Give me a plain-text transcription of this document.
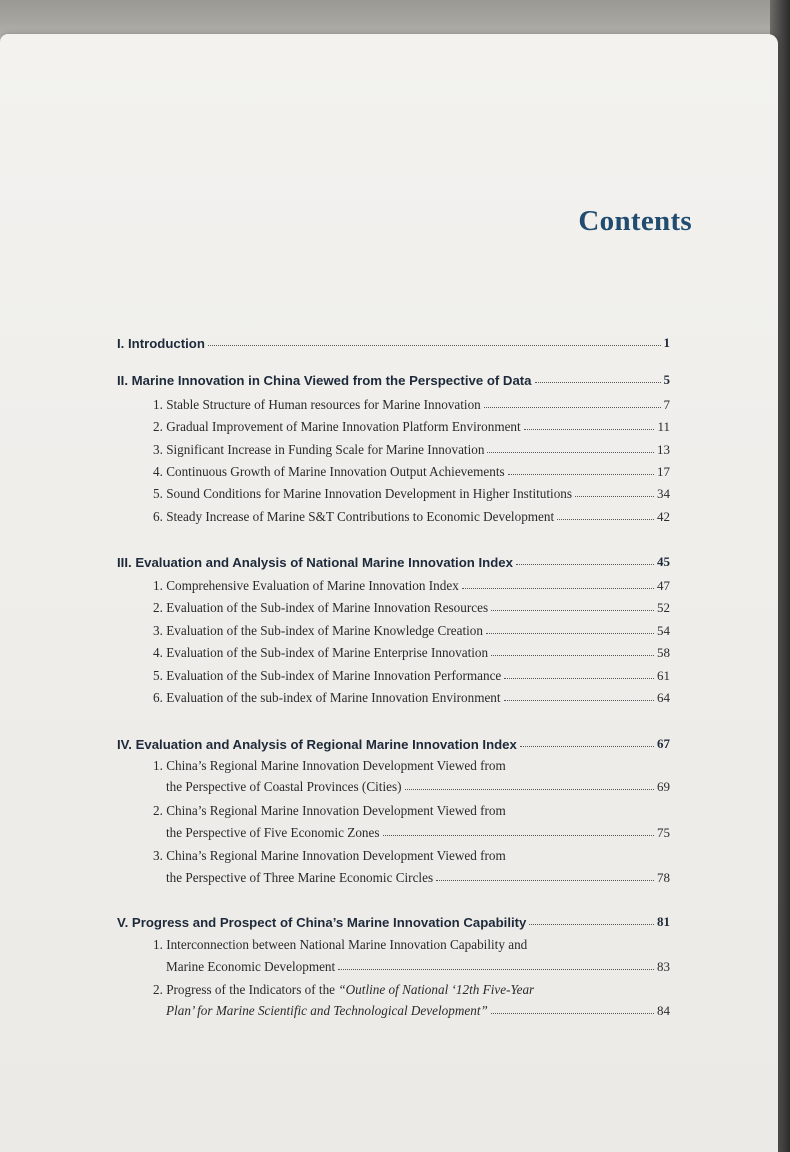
Contents
I. Introduction	1
II. Marine Innovation in China Viewed from the Perspective of Data	5
1. Stable Structure of Human resources for Marine Innovation	7
2. Gradual Improvement of Marine Innovation Platform Environment	11
3. Significant Increase in Funding Scale for Marine Innovation	13
4. Continuous Growth of Marine Innovation Output Achievements	17
5. Sound Conditions for Marine Innovation Development in Higher Institutions	34
6. Steady Increase of Marine S&T Contributions to Economic Development	42
III. Evaluation and Analysis of National Marine Innovation Index	45
1. Comprehensive Evaluation of Marine Innovation Index	47
2. Evaluation of the Sub-index of Marine Innovation Resources	52
3. Evaluation of the Sub-index of Marine Knowledge Creation	54
4. Evaluation of the Sub-index of Marine Enterprise Innovation	58
5. Evaluation of the Sub-index of Marine Innovation Performance	61
6. Evaluation of the sub-index of Marine Innovation Environment	64
IV. Evaluation and Analysis of Regional Marine Innovation Index	67
1. China’s Regional Marine Innovation Development Viewed from
the Perspective of Coastal Provinces (Cities)	69
2. China’s Regional Marine Innovation Development Viewed from
the Perspective of Five Economic Zones	75
3. China’s Regional Marine Innovation Development Viewed from
the Perspective of Three Marine Economic Circles	78
V. Progress and Prospect of China’s Marine Innovation Capability	81
1. Interconnection between National Marine Innovation Capability and
Marine Economic Development	83
2. Progress of the Indicators of the “Outline of National ‘12th Five-Year
Plan’ for Marine Scientific and Technological Development”	84
